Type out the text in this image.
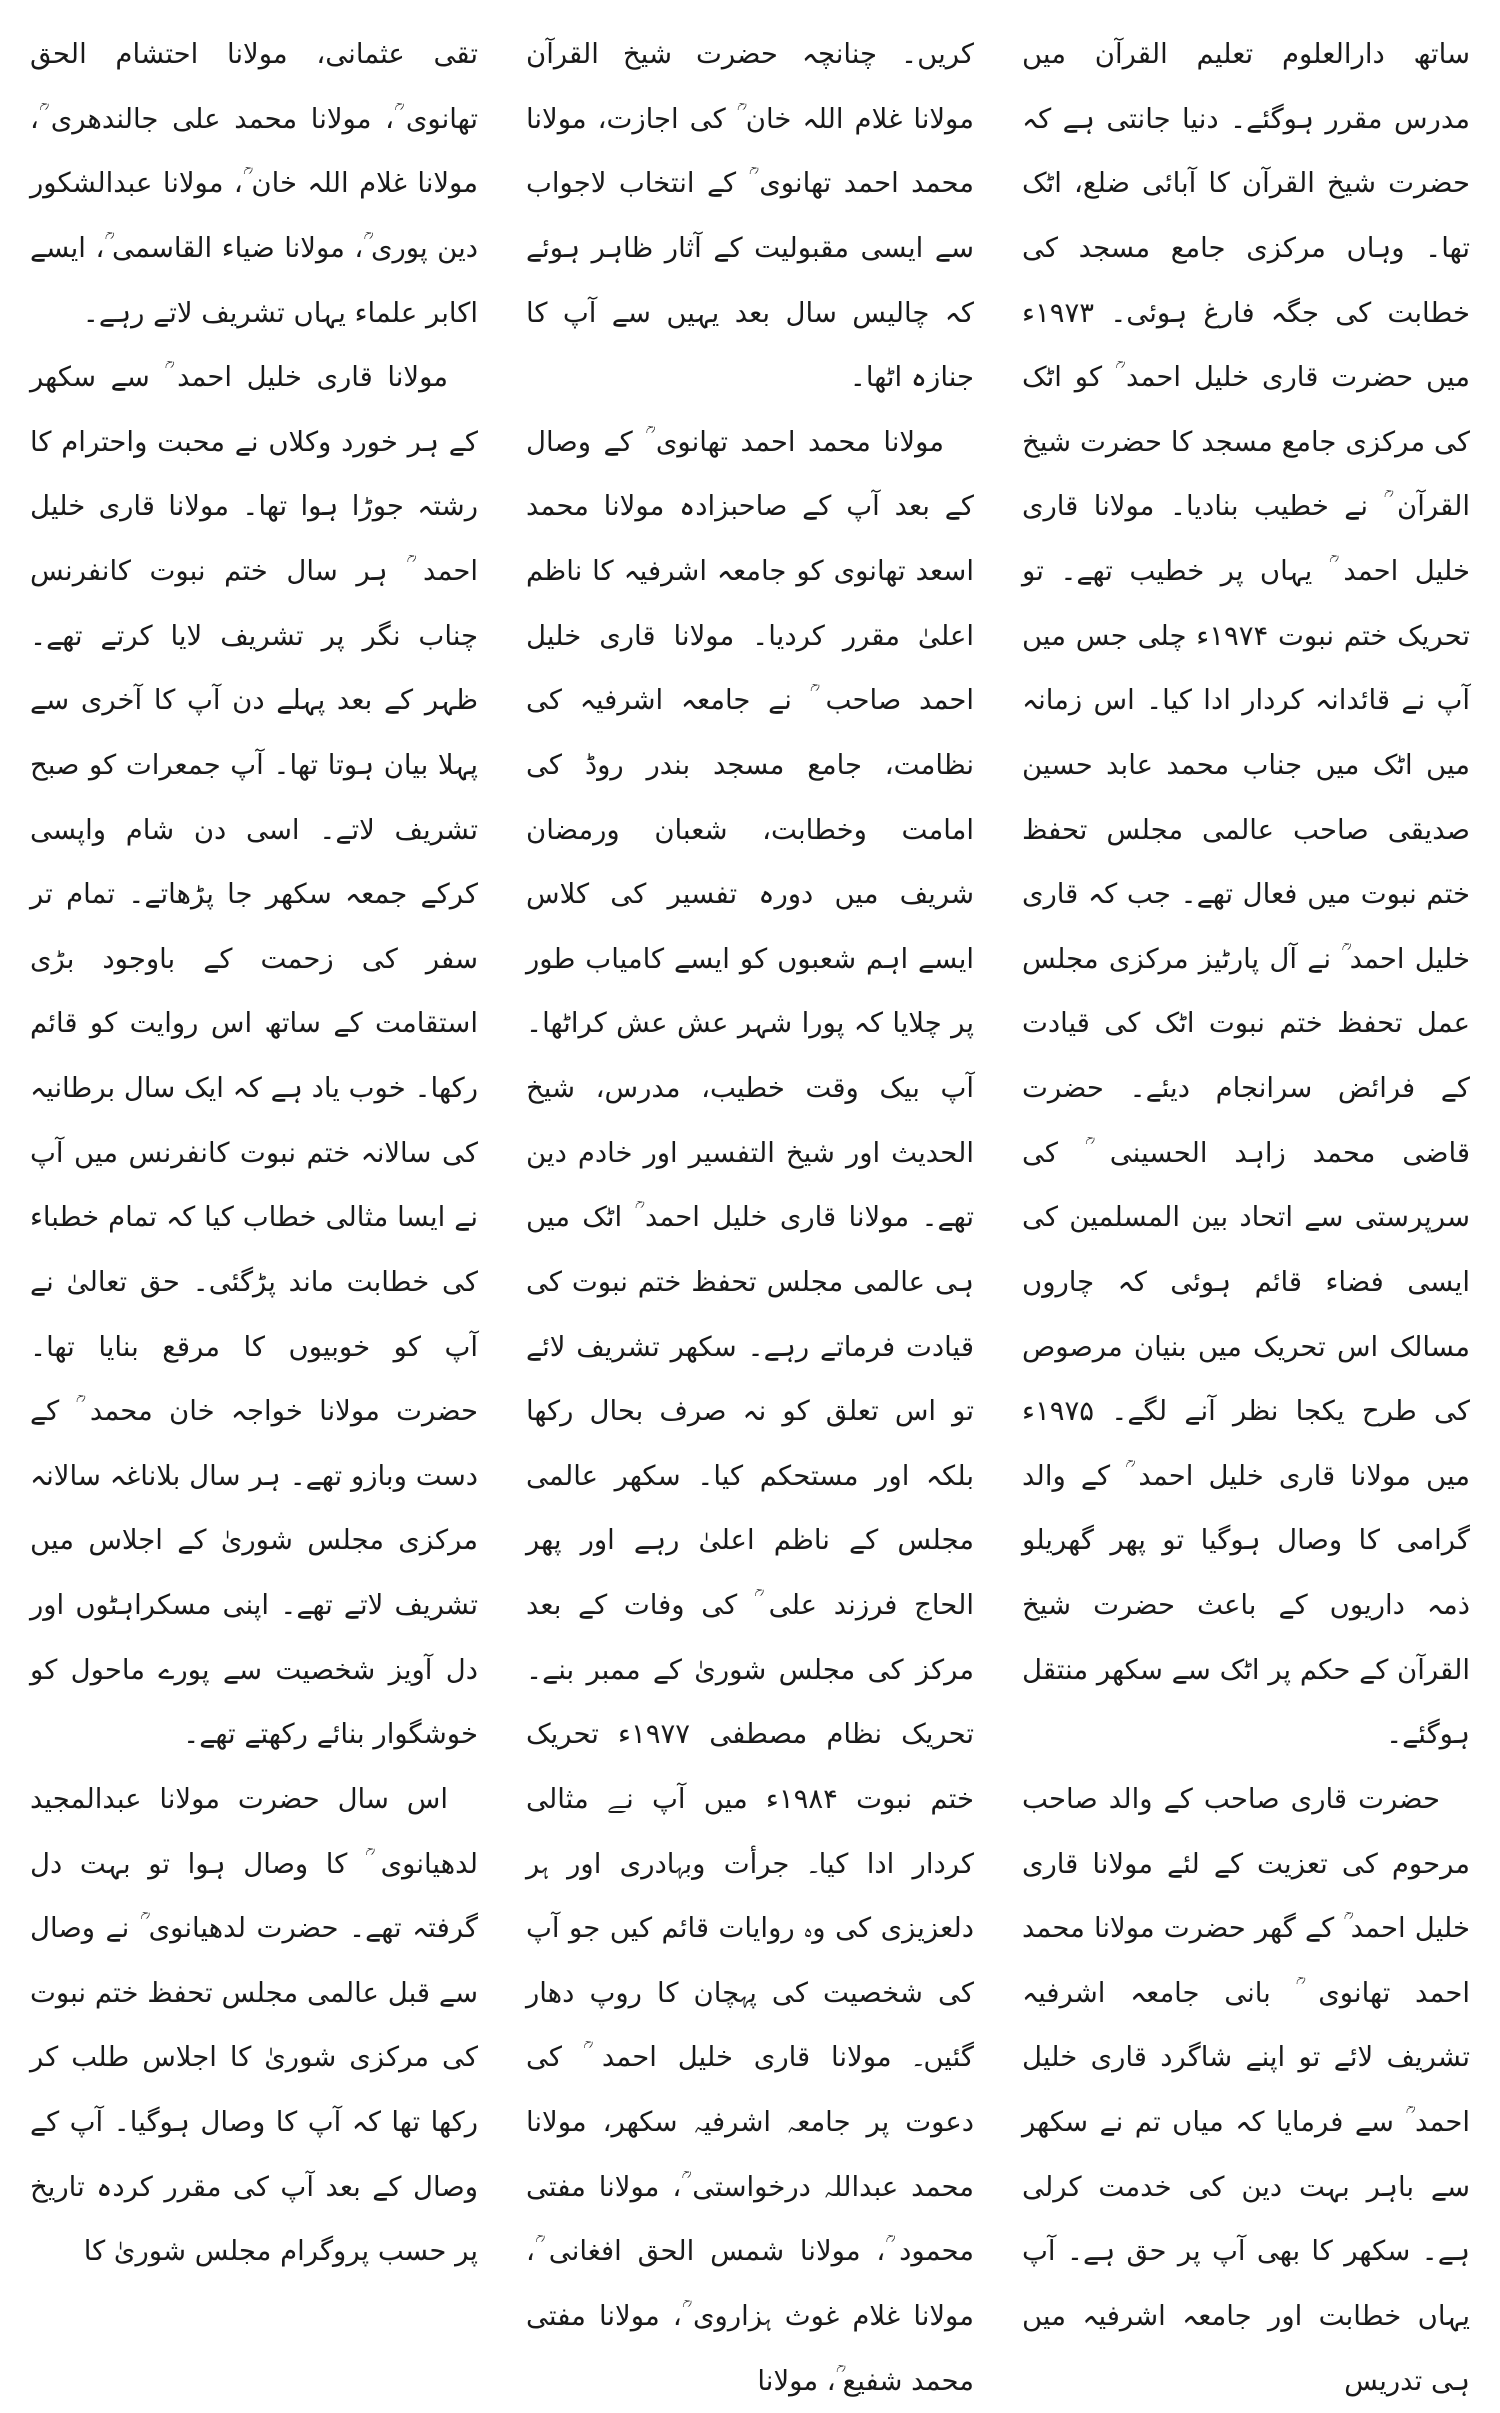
ساتھ دارالعلوم تعلیم القرآن میں مدرس مقرر ہوگئے۔ دنیا جانتی ہے کہ حضرت شیخ القرآن کا آبائی ضلع، اٹک تھا۔ وہاں مرکزی جامع مسجد کی خطابت کی جگہ فارغ ہوئی۔ ۱۹۷۳ء میں حضرت قاری خلیل احمد ؒ کو اٹک کی مرکزی جامع مسجد کا حضرت شیخ القرآن ؒ نے خطیب بنادیا۔ مولانا قاری خلیل احمد ؒ یہاں پر خطیب تھے۔ تو تحریک ختم نبوت ۱۹۷۴ء چلی جس میں آپ نے قائدانہ کردار ادا کیا۔ اس زمانہ میں اٹک میں جناب محمد عابد حسین صدیقی صاحب عالمی مجلس تحفظ ختم نبوت میں فعال تھے۔ جب کہ قاری خلیل احمد ؒ نے آل پارٹیز مرکزی مجلس عمل تحفظ ختم نبوت اٹک کی قیادت کے فرائض سرانجام دیئے۔ حضرت قاضی محمد زاہد الحسینی ؒ کی سرپرستی سے اتحاد بین المسلمین کی ایسی فضاء قائم ہوئی کہ چاروں مسالک اس تحریک میں بنیان مرصوص کی طرح یکجا نظر آنے لگے۔ ۱۹۷۵ء میں مولانا قاری خلیل احمد ؒ کے والد گرامی کا وصال ہوگیا تو پھر گھریلو ذمہ داریوں کے باعث حضرت شیخ القرآن کے حکم پر اٹک سے سکھر منتقل ہوگئے۔

حضرت قاری صاحب کے والد صاحب مرحوم کی تعزیت کے لئے مولانا قاری خلیل احمد ؒ کے گھر حضرت مولانا محمد احمد تھانوی ؒ بانی جامعہ اشرفیہ تشریف لائے تو اپنے شاگرد قاری خلیل احمد ؒ سے فرمایا کہ میاں تم نے سکھر سے باہر بہت دین کی خدمت کرلی ہے۔ سکھر کا بھی آپ پر حق ہے۔ آپ یہاں خطابت اور جامعہ اشرفیہ میں ہی تدریس

کریں۔ چنانچہ حضرت شیخ القرآن مولانا غلام اللہ خان ؒ کی اجازت، مولانا محمد احمد تھانوی ؒ کے انتخاب لاجواب سے ایسی مقبولیت کے آثار ظاہر ہوئے کہ چالیس سال بعد یہیں سے آپ کا جنازہ اٹھا۔

مولانا محمد احمد تھانوی ؒ کے وصال کے بعد آپ کے صاحبزادہ مولانا محمد اسعد تھانوی کو جامعہ اشرفیہ کا ناظم اعلیٰ مقرر کردیا۔ مولانا قاری خلیل احمد صاحب ؒ نے جامعہ اشرفیہ کی نظامت، جامع مسجد بندر روڈ کی امامت وخطابت، شعبان ورمضان شریف میں دورہ تفسیر کی کلاس ایسے اہم شعبوں کو ایسے کامیاب طور پر چلایا کہ پورا شہر عش عش کراٹھا۔ آپ بیک وقت خطیب، مدرس، شیخ الحدیث اور شیخ التفسیر اور خادم دین تھے۔ مولانا قاری خلیل احمد ؒ اٹک میں ہی عالمی مجلس تحفظ ختم نبوت کی قیادت فرماتے رہے۔ سکھر تشریف لائے تو اس تعلق کو نہ صرف بحال رکھا بلکہ اور مستحکم کیا۔ سکھر عالمی مجلس کے ناظم اعلیٰ رہے اور پھر الحاج فرزند علی ؒ کی وفات کے بعد مرکز کی مجلس شوریٰ کے ممبر بنے۔ تحریک نظام مصطفی ۱۹۷۷ء تحریک ختم نبوت ۱۹۸۴ء میں آپ نے مثالی کردار ادا کیا۔ جرأت وبہادری اور ہر دلعزیزی کی وہ روایات قائم کیں جو آپ کی شخصیت کی پہچان کا روپ دھار گئیں۔ مولانا قاری خلیل احمد ؒ کی دعوت پر جامعہ اشرفیہ سکھر، مولانا محمد عبداللہ درخواستی ؒ، مولانا مفتی محمود ؒ، مولانا شمس الحق افغانی ؒ، مولانا غلام غوث ہزاروی ؒ، مولانا مفتی محمد شفیع ؒ، مولانا

تقی عثمانی، مولانا احتشام الحق تھانوی ؒ، مولانا محمد علی جالندھری ؒ، مولانا غلام اللہ خان ؒ، مولانا عبدالشکور دین پوری ؒ، مولانا ضیاء القاسمی ؒ، ایسے اکابر علماء یہاں تشریف لاتے رہے۔

مولانا قاری خلیل احمد ؒ سے سکھر کے ہر خورد وکلاں نے محبت واحترام کا رشتہ جوڑا ہوا تھا۔ مولانا قاری خلیل احمد ؒ ہر سال ختم نبوت کانفرنس چناب نگر پر تشریف لایا کرتے تھے۔ ظہر کے بعد پہلے دن آپ کا آخری سے پہلا بیان ہوتا تھا۔ آپ جمعرات کو صبح تشریف لاتے۔ اسی دن شام واپسی کرکے جمعہ سکھر جا پڑھاتے۔ تمام تر سفر کی زحمت کے باوجود بڑی استقامت کے ساتھ اس روایت کو قائم رکھا۔ خوب یاد ہے کہ ایک سال برطانیہ کی سالانہ ختم نبوت کانفرنس میں آپ نے ایسا مثالی خطاب کیا کہ تمام خطباء کی خطابت ماند پڑگئی۔ حق تعالیٰ نے آپ کو خوبیوں کا مرقع بنایا تھا۔ حضرت مولانا خواجہ خان محمد ؒ کے دست وبازو تھے۔ ہر سال بلاناغہ سالانہ مرکزی مجلس شوریٰ کے اجلاس میں تشریف لاتے تھے۔ اپنی مسکراہٹوں اور دل آویز شخصیت سے پورے ماحول کو خوشگوار بنائے رکھتے تھے۔

اس سال حضرت مولانا عبدالمجید لدھیانوی ؒ کا وصال ہوا تو بہت دل گرفتہ تھے۔ حضرت لدھیانوی ؒ نے وصال سے قبل عالمی مجلس تحفظ ختم نبوت کی مرکزی شوریٰ کا اجلاس طلب کر رکھا تھا کہ آپ کا وصال ہوگیا۔ آپ کے وصال کے بعد آپ کی مقرر کردہ تاریخ پر حسب پروگرام مجلس شوریٰ کا
